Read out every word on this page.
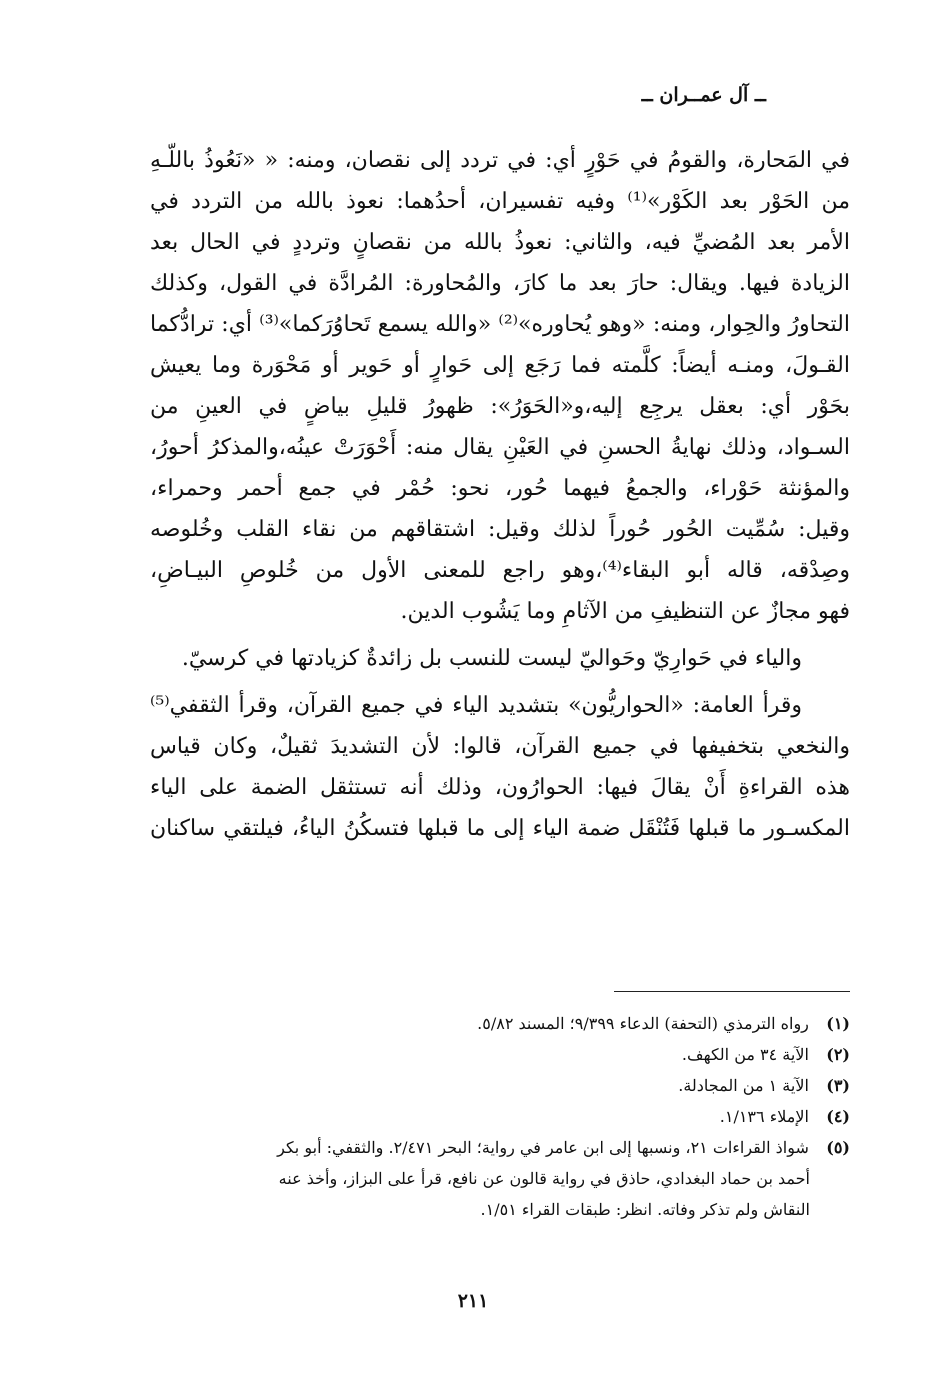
ــ آل عمــران ــ
في المَحارة، والقومُ في حَوْرٍ أي: في تردد إلى نقصان، ومنه: « «نَعُوذُ باللّـهِ
من الحَوْر بعد الكَوْر»⁽¹⁾ وفيه تفسيران، أحدُهما: نعوذ بالله من التردد في
الأمر بعد المُضيِّ فيه، والثاني: نعوذُ بالله من نقصانٍ وترددٍ في الحال بعد
الزيادة فيها. ويقال: حارَ بعد ما كارَ، والمُحاورة: المُرادَّة في القول، وكذلك
التحاورُ والحِوار، ومنه: «وهو يُحاوره»⁽²⁾ «والله يسمع تَحاوُرَكما»⁽³⁾ أي: ترادُّكما
القـولَ، ومنـه أيضاً: كلَّمته فما رَجَع إلى حَوارٍ أو حَوير أو مَحْوَرة وما يعيش
بحَوْر أي: بعقل يرجِع إليه،و«الحَوَرُ»: ظهورُ قليلِ بياضٍ في العينِ من
السـواد، وذلك نهايةُ الحسنِ في العَيْنِ يقال منه: أَحْوَرَتْ عينُه،والمذكرُ أحورُ،
والمؤنثة حَوْراء، والجمعُ فيهما حُور، نحو: حُمْر في جمع أحمر وحمراء،
وقيل: سُمِّيت الحُور حُوراً لذلك وقيل: اشتقاقهم من نقاء القلب وخُلوصه
وصِدْقه، قاله أبو البقاء⁽⁴⁾،وهو راجع للمعنى الأول من خُلوصِ البيـاضِ،
فهو مجازٌ عن التنظيفِ من الآثامِ وما يَشُوب الدين.
والياء في حَوارِيّ وحَواليّ ليست للنسب بل زائدةٌ كزيادتها في كرسيّ.
وقرأ العامة: «الحواريُّون» بتشديد الياء في جميع القرآن، وقرأ الثقفي⁽⁵⁾
والنخعي بتخفيفها في جميع القرآن، قالوا: لأن التشديدَ ثقيلٌ، وكان قياس
هذه القراءةِ أَنْ يقالَ فيها: الحوارُون، وذلك أنه تستثقل الضمة على الياء
المكسـور ما قبلها فَتُنْقَل ضمة الياء إلى ما قبلها فتسكُنُ الياءُ، فيلتقي ساكنان
(١) رواه الترمذي (التحفة) الدعاء ٩/٣٩٩؛ المسند ٥/٨٢.
(٢) الآية ٣٤ من الكهف.
(٣) الآية ١ من المجادلة.
(٤) الإملاء ١/١٣٦.
(٥) شواذ القراءات ٢١، ونسبها إلى ابن عامر في رواية؛ البحر ٢/٤٧١. والثقفي: أبو بكر
أحمد بن حماد البغدادي، حاذق في رواية قالون عن نافع، قرأ على البزاز، وأخذ عنه
النقاش ولم تذكر وفاته. انظر: طبقات القراء ١/٥١.
٢١١
